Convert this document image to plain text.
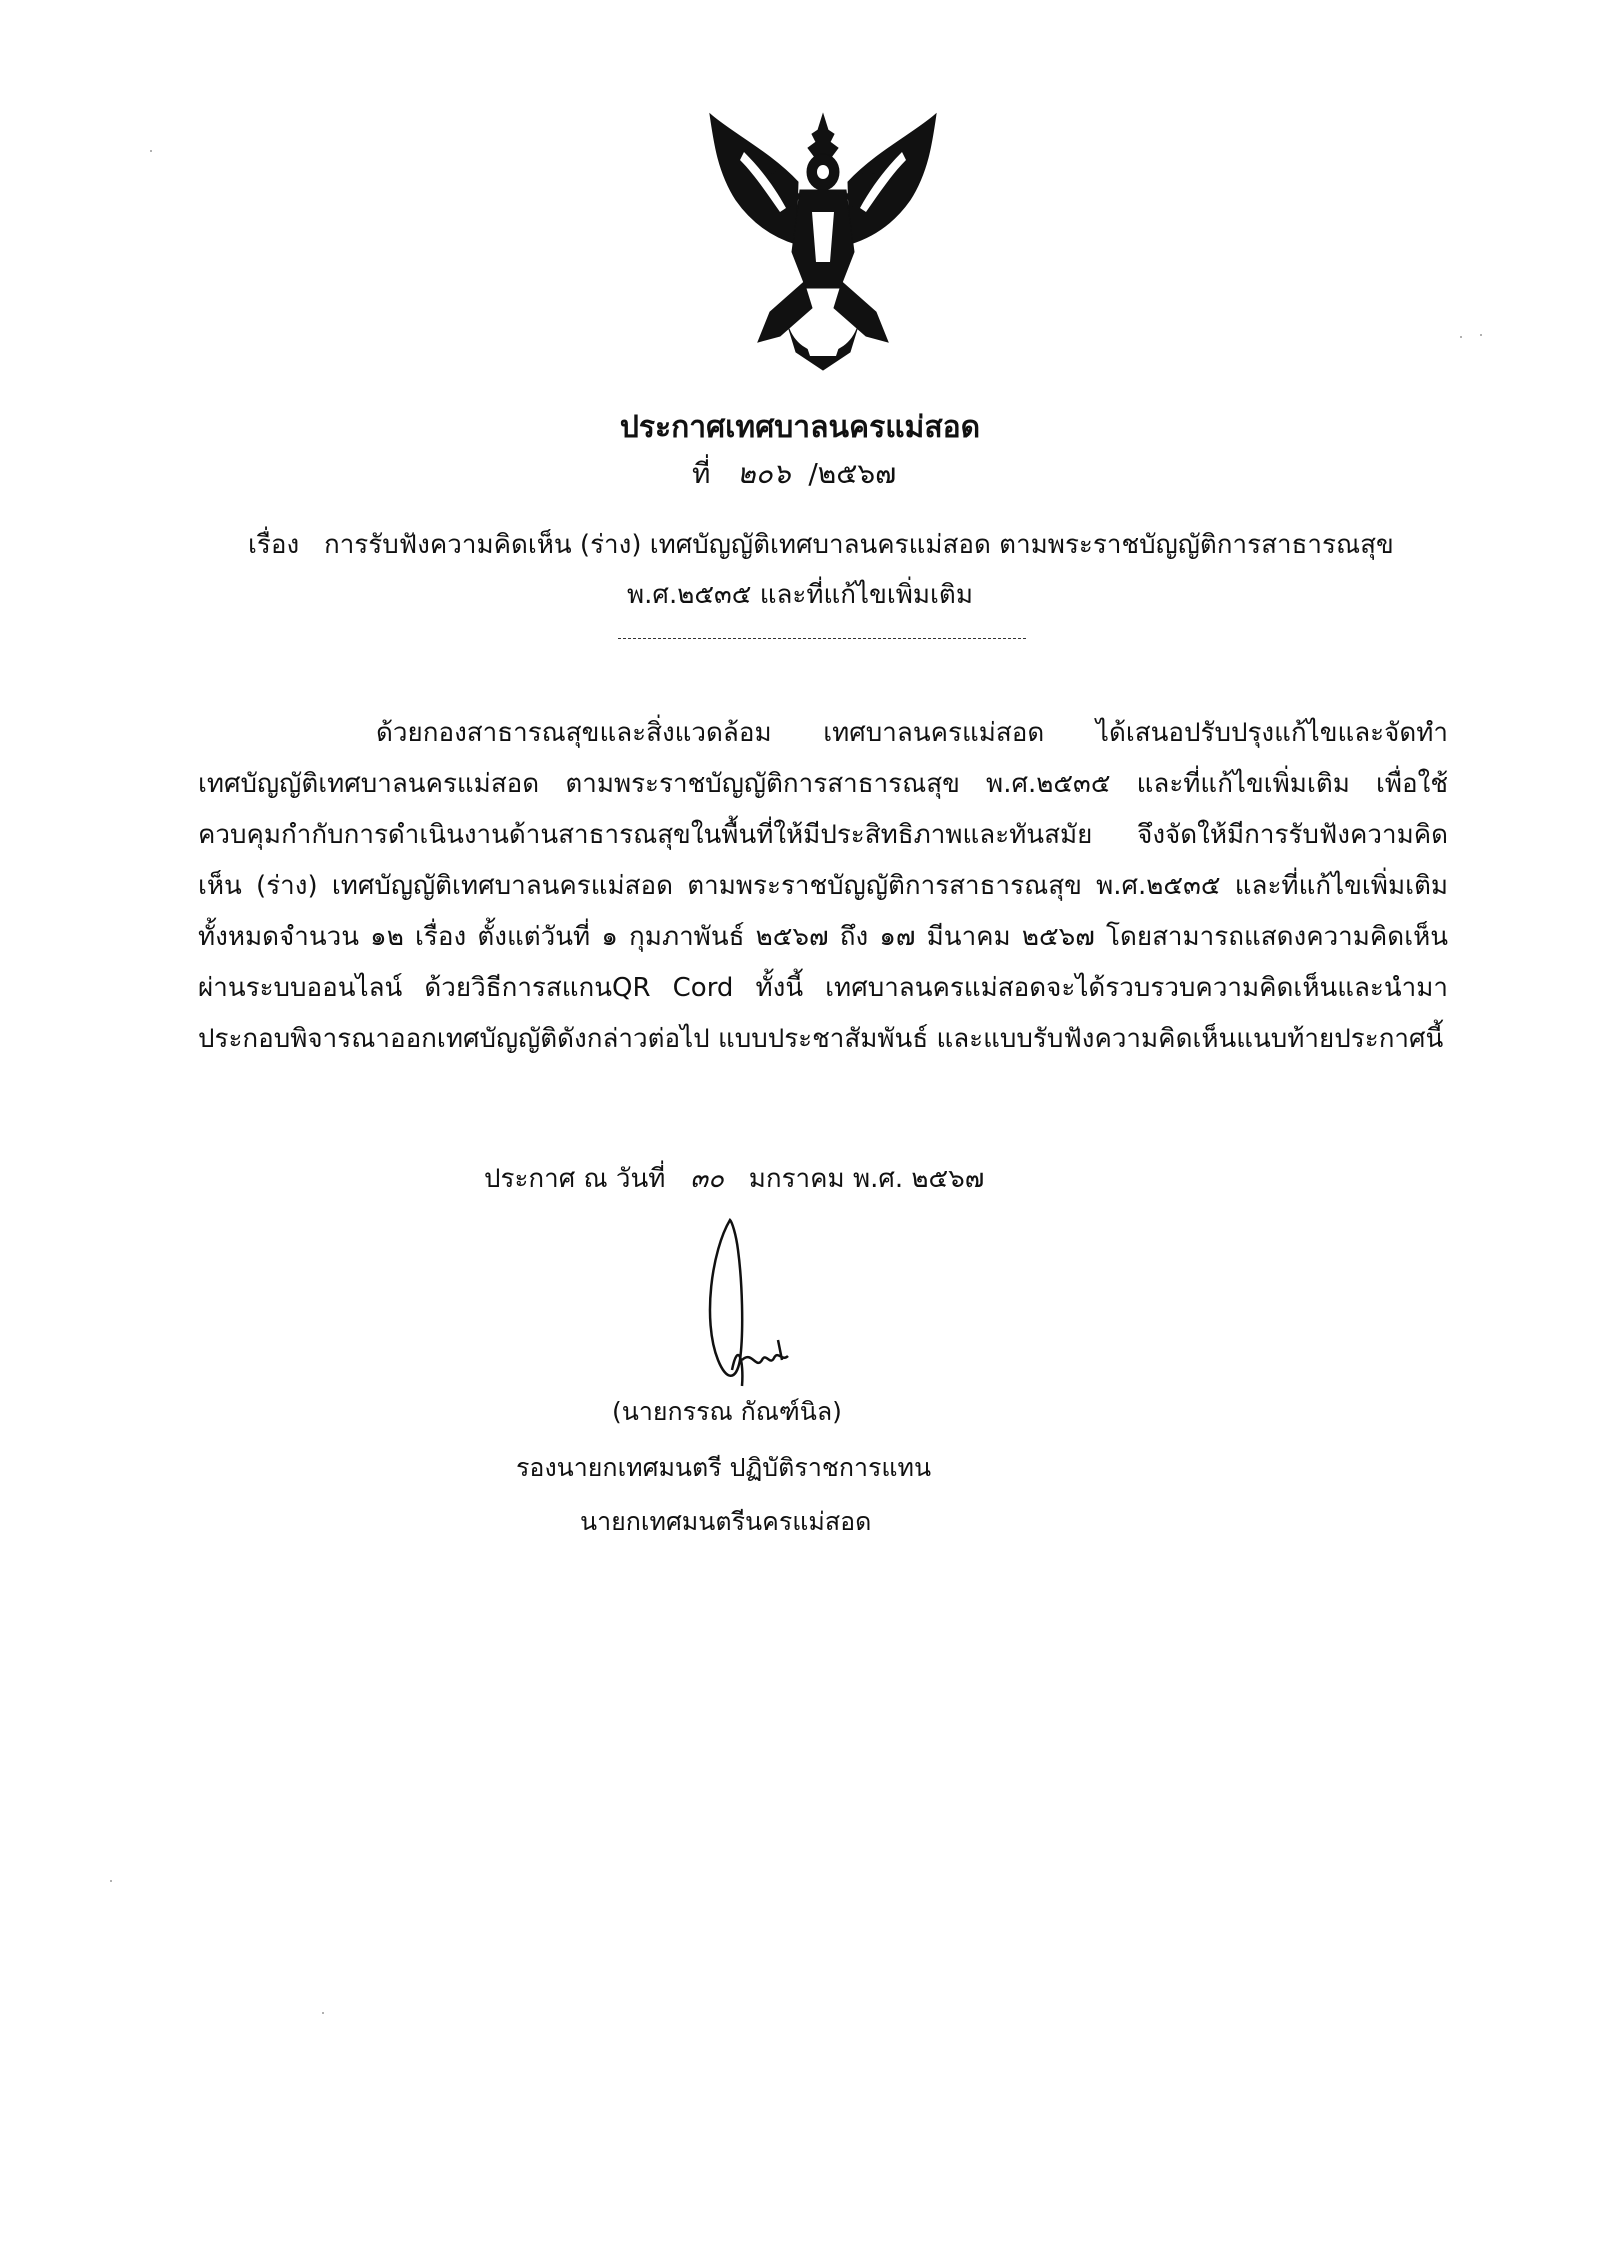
ประกาศเทศบาลนครแม่สอด
ที่ ๒๐๖ /๒๕๖๗
เรื่อง การรับฟังความคิดเห็น (ร่าง) เทศบัญญัติเทศบาลนครแม่สอด ตามพระราชบัญญัติการสาธารณสุข
พ.ศ.๒๕๓๕ และที่แก้ไขเพิ่มเติม
ด้วยกองสาธารณสุขและสิ่งแวดล้อม เทศบาลนครแม่สอด ได้เสนอปรับปรุงแก้ไขและจัดทำเทศบัญญัติเทศบาลนครแม่สอด ตามพระราชบัญญัติการสาธารณสุข พ.ศ.๒๕๓๕ และที่แก้ไขเพิ่มเติม เพื่อใช้ควบคุมกำกับการดำเนินงานด้านสาธารณสุขในพื้นที่ให้มีประสิทธิภาพและทันสมัย จึงจัดให้มีการรับฟังความคิดเห็น (ร่าง) เทศบัญญัติเทศบาลนครแม่สอด ตามพระราชบัญญัติการสาธารณสุข พ.ศ.๒๕๓๕ และที่แก้ไขเพิ่มเติม ทั้งหมดจำนวน ๑๒ เรื่อง ตั้งแต่วันที่ ๑ กุมภาพันธ์ ๒๕๖๗ ถึง ๑๗ มีนาคม ๒๕๖๗ โดยสามารถแสดงความคิดเห็นผ่านระบบออนไลน์ ด้วยวิธีการสแกนQR Cord ทั้งนี้ เทศบาลนครแม่สอดจะได้รวบรวบความคิดเห็นและนำมาประกอบพิจารณาออกเทศบัญญัติดังกล่าวต่อไป แบบประชาสัมพันธ์ และแบบรับฟังความคิดเห็นแนบท้ายประกาศนี้
ประกาศ ณ วันที่ ๓๐ มกราคม พ.ศ. ๒๕๖๗
(นายกรรณ กัณฑ์นิล)
รองนายกเทศมนตรี ปฏิบัติราชการแทน
นายกเทศมนตรีนครแม่สอด
